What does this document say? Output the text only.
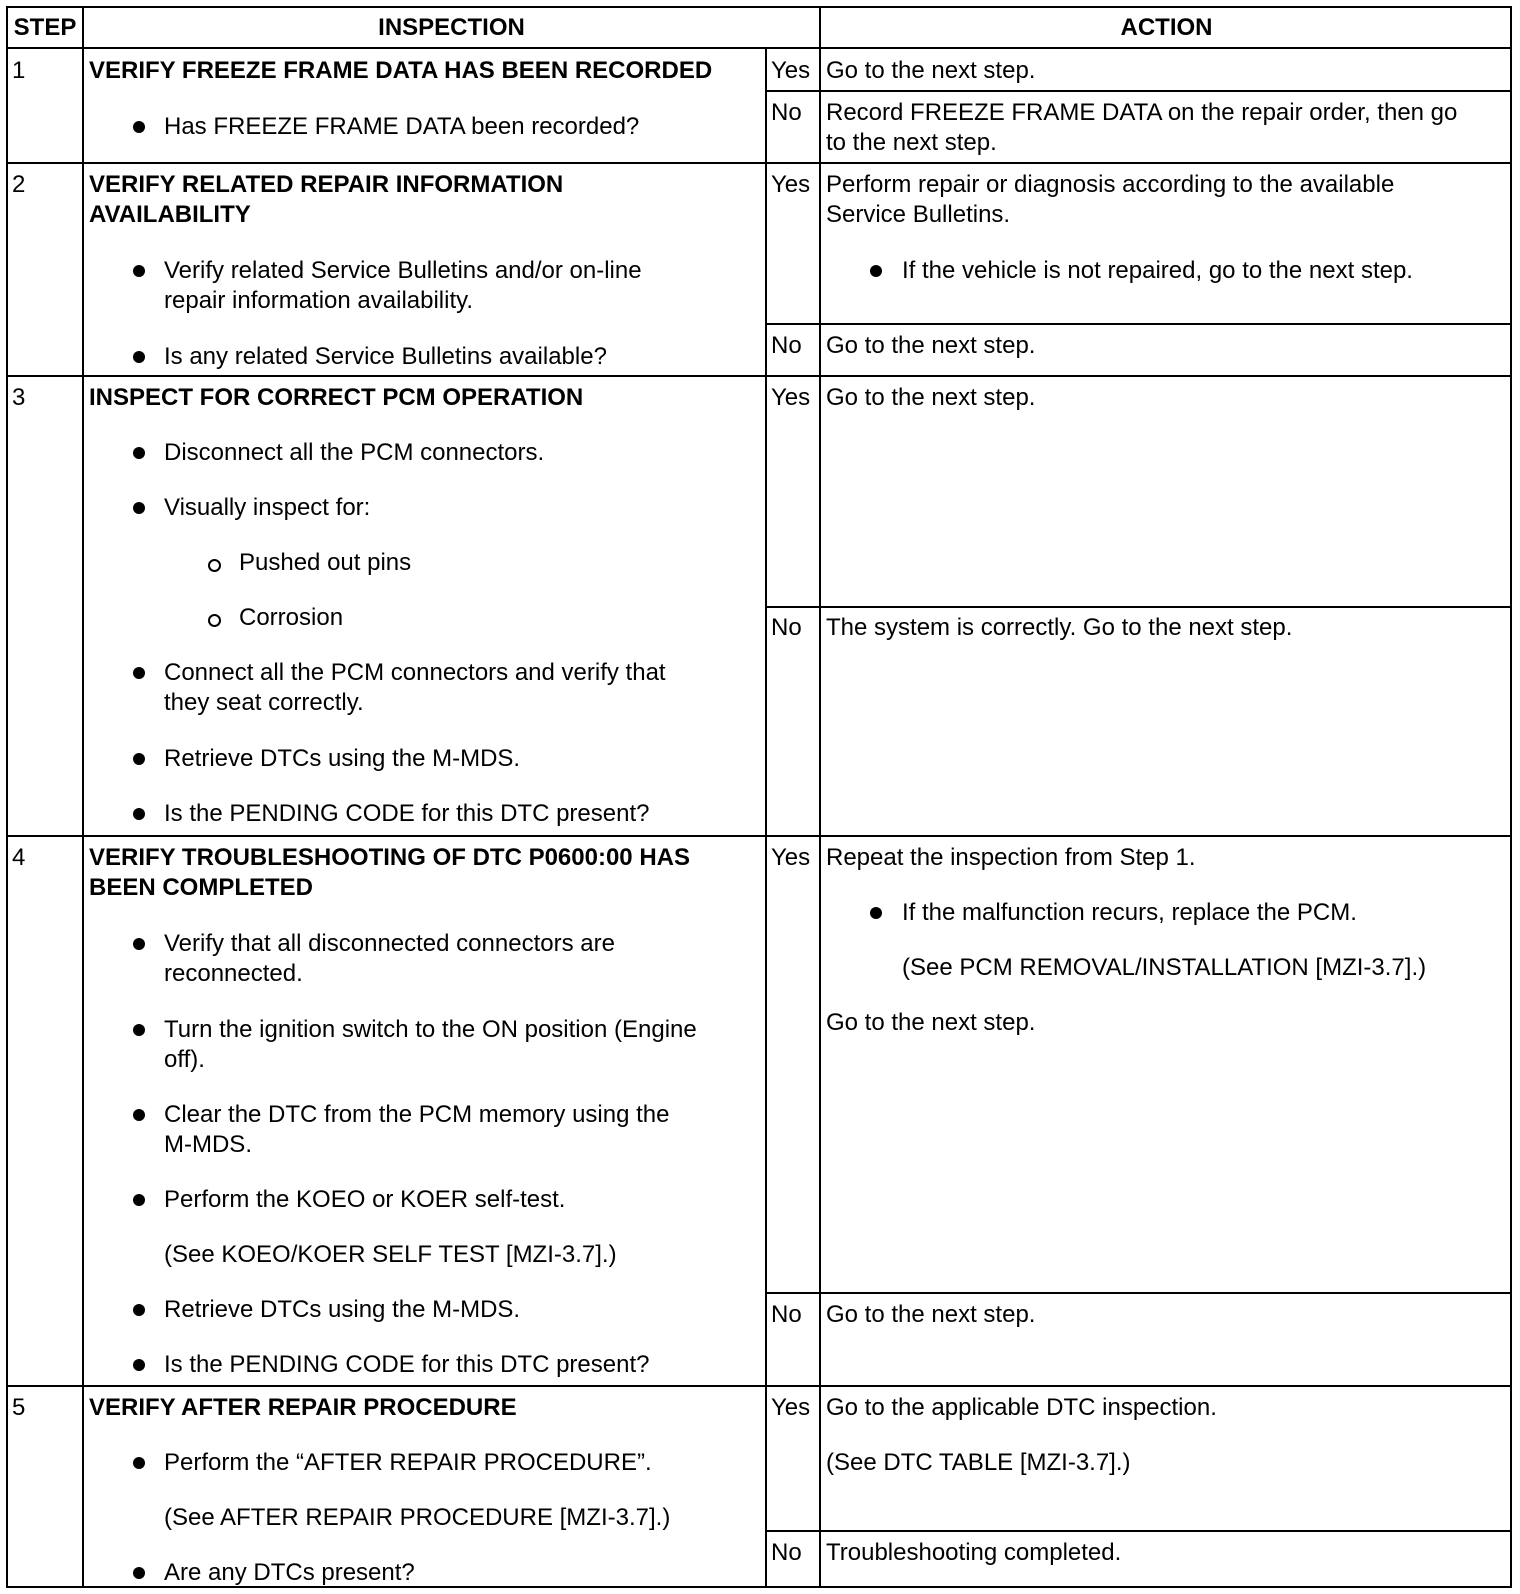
STEP	INSPECTION	ACTION
1	VERIFY FREEZE FRAME DATA HAS BEEN RECORDED
Has FREEZE FRAME DATA been recorded?
Yes Go to the next step.
No Record FREEZE FRAME DATA on the repair order, then go
to the next step.
2	VERIFY RELATED REPAIR INFORMATION
AVAILABILITY
Verify related Service Bulletins and/or on-line
repair information availability.
Is any related Service Bulletins available?
Yes Perform repair or diagnosis according to the available
Service Bulletins.
If the vehicle is not repaired, go to the next step.
No Go to the next step.
3	INSPECT FOR CORRECT PCM OPERATION
Disconnect all the PCM connectors.
Visually inspect for:
Pushed out pins
Corrosion
Connect all the PCM connectors and verify that
they seat correctly.
Retrieve DTCs using the M-MDS.
Is the PENDING CODE for this DTC present?
Yes Go to the next step.
No The system is correctly. Go to the next step.
4	VERIFY TROUBLESHOOTING OF DTC P0600:00 HAS
BEEN COMPLETED
Verify that all disconnected connectors are
reconnected.
Turn the ignition switch to the ON position (Engine
off).
Clear the DTC from the PCM memory using the
M-MDS.
Perform the KOEO or KOER self-test.
(See KOEO/KOER SELF TEST [MZI-3.7].)
Retrieve DTCs using the M-MDS.
Is the PENDING CODE for this DTC present?
Yes Repeat the inspection from Step 1.
If the malfunction recurs, replace the PCM.
(See PCM REMOVAL/INSTALLATION [MZI-3.7].)
Go to the next step.
No Go to the next step.
5	VERIFY AFTER REPAIR PROCEDURE
Perform the “AFTER REPAIR PROCEDURE”.
(See AFTER REPAIR PROCEDURE [MZI-3.7].)
Are any DTCs present?
Yes Go to the applicable DTC inspection.
(See DTC TABLE [MZI-3.7].)
No Troubleshooting completed.
